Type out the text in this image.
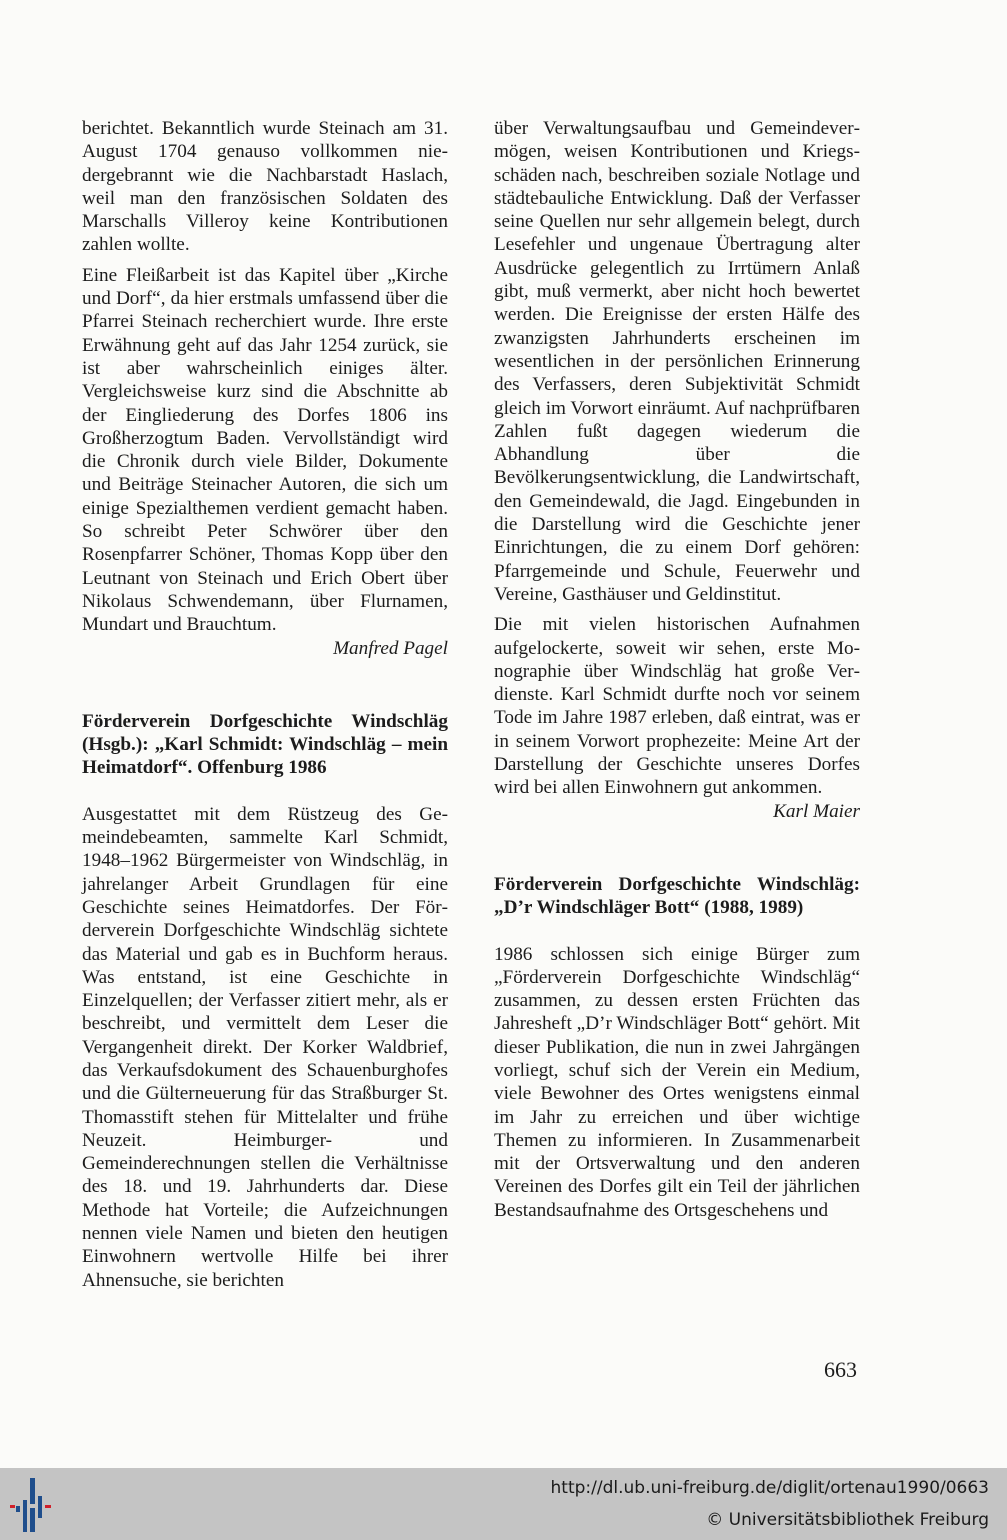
berichtet. Bekanntlich wurde Steinach am 31. August 1704 genauso vollkommen niedergebrannt wie die Nachbarstadt Haslach, weil man den französischen Soldaten des Marschalls Villeroy keine Kontributionen zahlen wollte.

Eine Fleißarbeit ist das Kapitel über „Kirche und Dorf“, da hier erstmals umfassend über die Pfarrei Steinach recherchiert wurde. Ihre erste Erwähnung geht auf das Jahr 1254 zurück, sie ist aber wahrscheinlich einiges älter. Vergleichsweise kurz sind die Abschnitte ab der Eingliederung des Dorfes 1806 ins Großherzogtum Baden. Vervollständigt wird die Chronik durch viele Bilder, Dokumente und Beiträge Steinacher Autoren, die sich um einige Spezialthemen verdient gemacht haben. So schreibt Peter Schwörer über den Rosenpfarrer Schöner, Thomas Kopp über den Leutnant von Steinach und Erich Obert über Nikolaus Schwendemann, über Flurnamen, Mundart und Brauchtum.

Manfred Pagel

Förderverein Dorfgeschichte Windschläg (Hsgb.): „Karl Schmidt: Windschläg – mein Heimatdorf“. Offenburg 1986

Ausgestattet mit dem Rüstzeug des Gemeindebeamten, sammelte Karl Schmidt, 1948–1962 Bürgermeister von Windschläg, in jahrelanger Arbeit Grundlagen für eine Geschichte seines Heimatdorfes. Der Förderverein Dorfgeschichte Windschläg sichtete das Material und gab es in Buchform heraus. Was entstand, ist eine Geschichte in Einzelquellen; der Verfasser zitiert mehr, als er beschreibt, und vermittelt dem Leser die Vergangenheit direkt. Der Korker Waldbrief, das Verkaufsdokument des Schauenburghofes und die Gülterneuerung für das Straßburger St. Thomasstift stehen für Mittelalter und frühe Neuzeit. Heimburger- und Gemeinderechnungen stellen die Verhältnisse des 18. und 19. Jahrhunderts dar. Diese Methode hat Vorteile; die Aufzeichnungen nennen viele Namen und bieten den heutigen Einwohnern wertvolle Hilfe bei ihrer Ahnensuche, sie berichten

über Verwaltungsaufbau und Gemeindevermögen, weisen Kontributionen und Kriegsschäden nach, beschreiben soziale Notlage und städtebauliche Entwicklung. Daß der Verfasser seine Quellen nur sehr allgemein belegt, durch Lesefehler und ungenaue Übertragung alter Ausdrücke gelegentlich zu Irrtümern Anlaß gibt, muß vermerkt, aber nicht hoch bewertet werden. Die Ereignisse der ersten Hälfe des zwanzigsten Jahrhunderts erscheinen im wesentlichen in der persönlichen Erinnerung des Verfassers, deren Subjektivität Schmidt gleich im Vorwort einräumt. Auf nachprüfbaren Zahlen fußt dagegen wiederum die Abhandlung über die Bevölkerungsentwicklung, die Landwirtschaft, den Gemeindewald, die Jagd. Eingebunden in die Darstellung wird die Geschichte jener Einrichtungen, die zu einem Dorf gehören: Pfarrgemeinde und Schule, Feuerwehr und Vereine, Gasthäuser und Geldinstitut.

Die mit vielen historischen Aufnahmen aufgelockerte, soweit wir sehen, erste Monographie über Windschläg hat große Verdienste. Karl Schmidt durfte noch vor seinem Tode im Jahre 1987 erleben, daß eintrat, was er in seinem Vorwort prophezeite: Meine Art der Darstellung der Geschichte unseres Dorfes wird bei allen Einwohnern gut ankommen.

Karl Maier

Förderverein Dorfgeschichte Windschläg: „D’r Windschläger Bott“ (1988, 1989)

1986 schlossen sich einige Bürger zum „Förderverein Dorfgeschichte Windschläg“ zusammen, zu dessen ersten Früchten das Jahresheft „D’r Windschläger Bott“ gehört. Mit dieser Publikation, die nun in zwei Jahrgängen vorliegt, schuf sich der Verein ein Medium, viele Bewohner des Ortes wenigstens einmal im Jahr zu erreichen und über wichtige Themen zu informieren. In Zusammenarbeit mit der Ortsverwaltung und den anderen Vereinen des Dorfes gilt ein Teil der jährlichen Bestandsaufnahme des Ortsgeschehens und

663
http://dl.ub.uni-freiburg.de/diglit/ortenau1990/0663
© Universitätsbibliothek Freiburg
